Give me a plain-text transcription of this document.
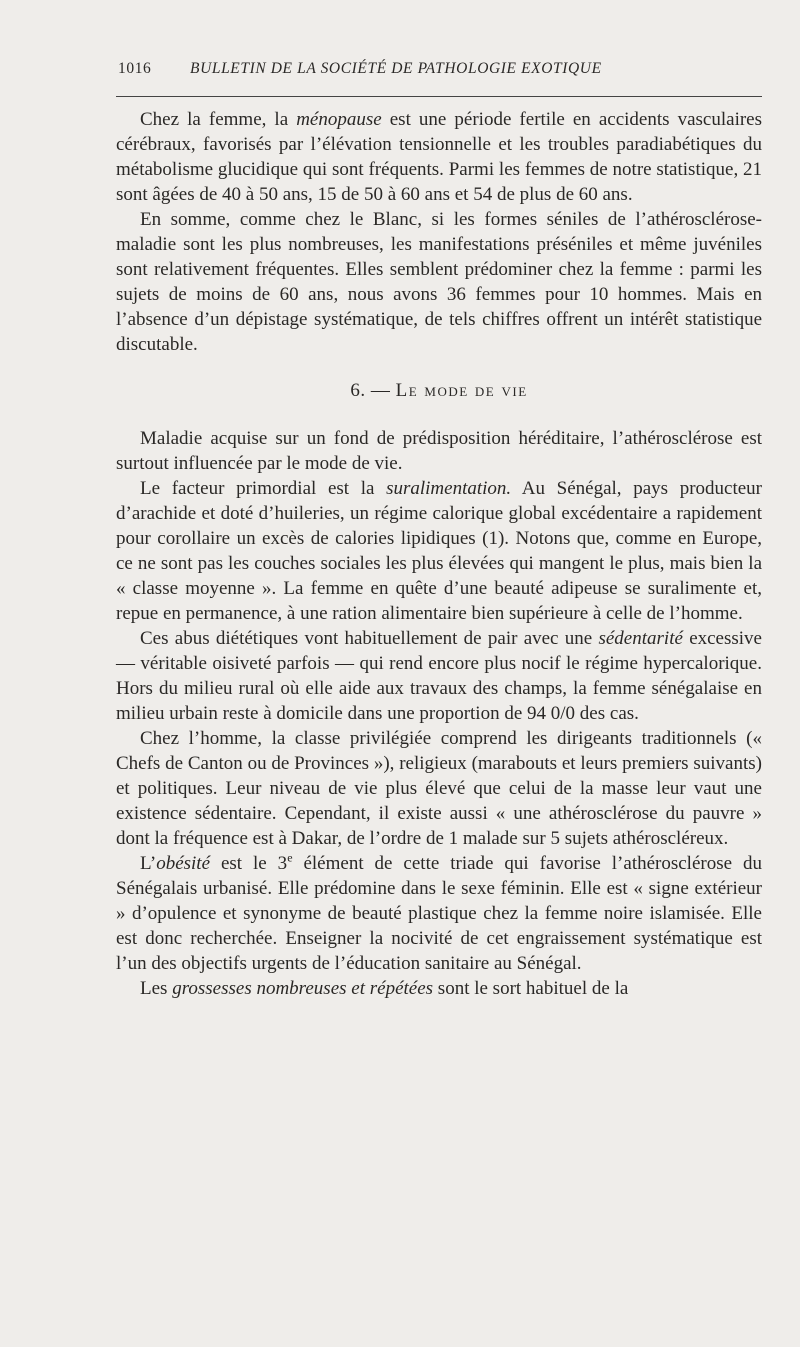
1016	BULLETIN DE LA SOCIÉTÉ DE PATHOLOGIE EXOTIQUE

Chez la femme, la ménopause est une période fertile en accidents vasculaires cérébraux, favorisés par l’élévation tensionnelle et les troubles paradiabétiques du métabolisme glucidique qui sont fréquents. Parmi les femmes de notre statistique, 21 sont âgées de 40 à 50 ans, 15 de 50 à 60 ans et 54 de plus de 60 ans.

En somme, comme chez le Blanc, si les formes séniles de l’athérosclérose-maladie sont les plus nombreuses, les manifestations préséniles et même juvéniles sont relativement fréquentes. Elles semblent prédominer chez la femme : parmi les sujets de moins de 60 ans, nous avons 36 femmes pour 10 hommes. Mais en l’absence d’un dépistage systématique, de tels chiffres offrent un intérêt statistique discutable.

6. — Le mode de vie

Maladie acquise sur un fond de prédisposition héréditaire, l’athérosclérose est surtout influencée par le mode de vie.

Le facteur primordial est la suralimentation. Au Sénégal, pays producteur d’arachide et doté d’huileries, un régime calorique global excédentaire a rapidement pour corollaire un excès de calories lipidiques (1). Notons que, comme en Europe, ce ne sont pas les couches sociales les plus élevées qui mangent le plus, mais bien la « classe moyenne ». La femme en quête d’une beauté adipeuse se suralimente et, repue en permanence, à une ration alimentaire bien supérieure à celle de l’homme.

Ces abus diététiques vont habituellement de pair avec une sédentarité excessive — véritable oisiveté parfois — qui rend encore plus nocif le régime hypercalorique. Hors du milieu rural où elle aide aux travaux des champs, la femme sénégalaise en milieu urbain reste à domicile dans une proportion de 94 0/0 des cas.

Chez l’homme, la classe privilégiée comprend les dirigeants traditionnels (« Chefs de Canton ou de Provinces »), religieux (marabouts et leurs premiers suivants) et politiques. Leur niveau de vie plus élevé que celui de la masse leur vaut une existence sédentaire. Cependant, il existe aussi « une athérosclérose du pauvre » dont la fréquence est à Dakar, de l’ordre de 1 malade sur 5 sujets athéroscléreux.

L’obésité est le 3e élément de cette triade qui favorise l’athérosclérose du Sénégalais urbanisé. Elle prédomine dans le sexe féminin. Elle est « signe extérieur » d’opulence et synonyme de beauté plastique chez la femme noire islamisée. Elle est donc recherchée. Enseigner la nocivité de cet engraissement systématique est l’un des objectifs urgents de l’éducation sanitaire au Sénégal.

Les grossesses nombreuses et répétées sont le sort habituel de la
